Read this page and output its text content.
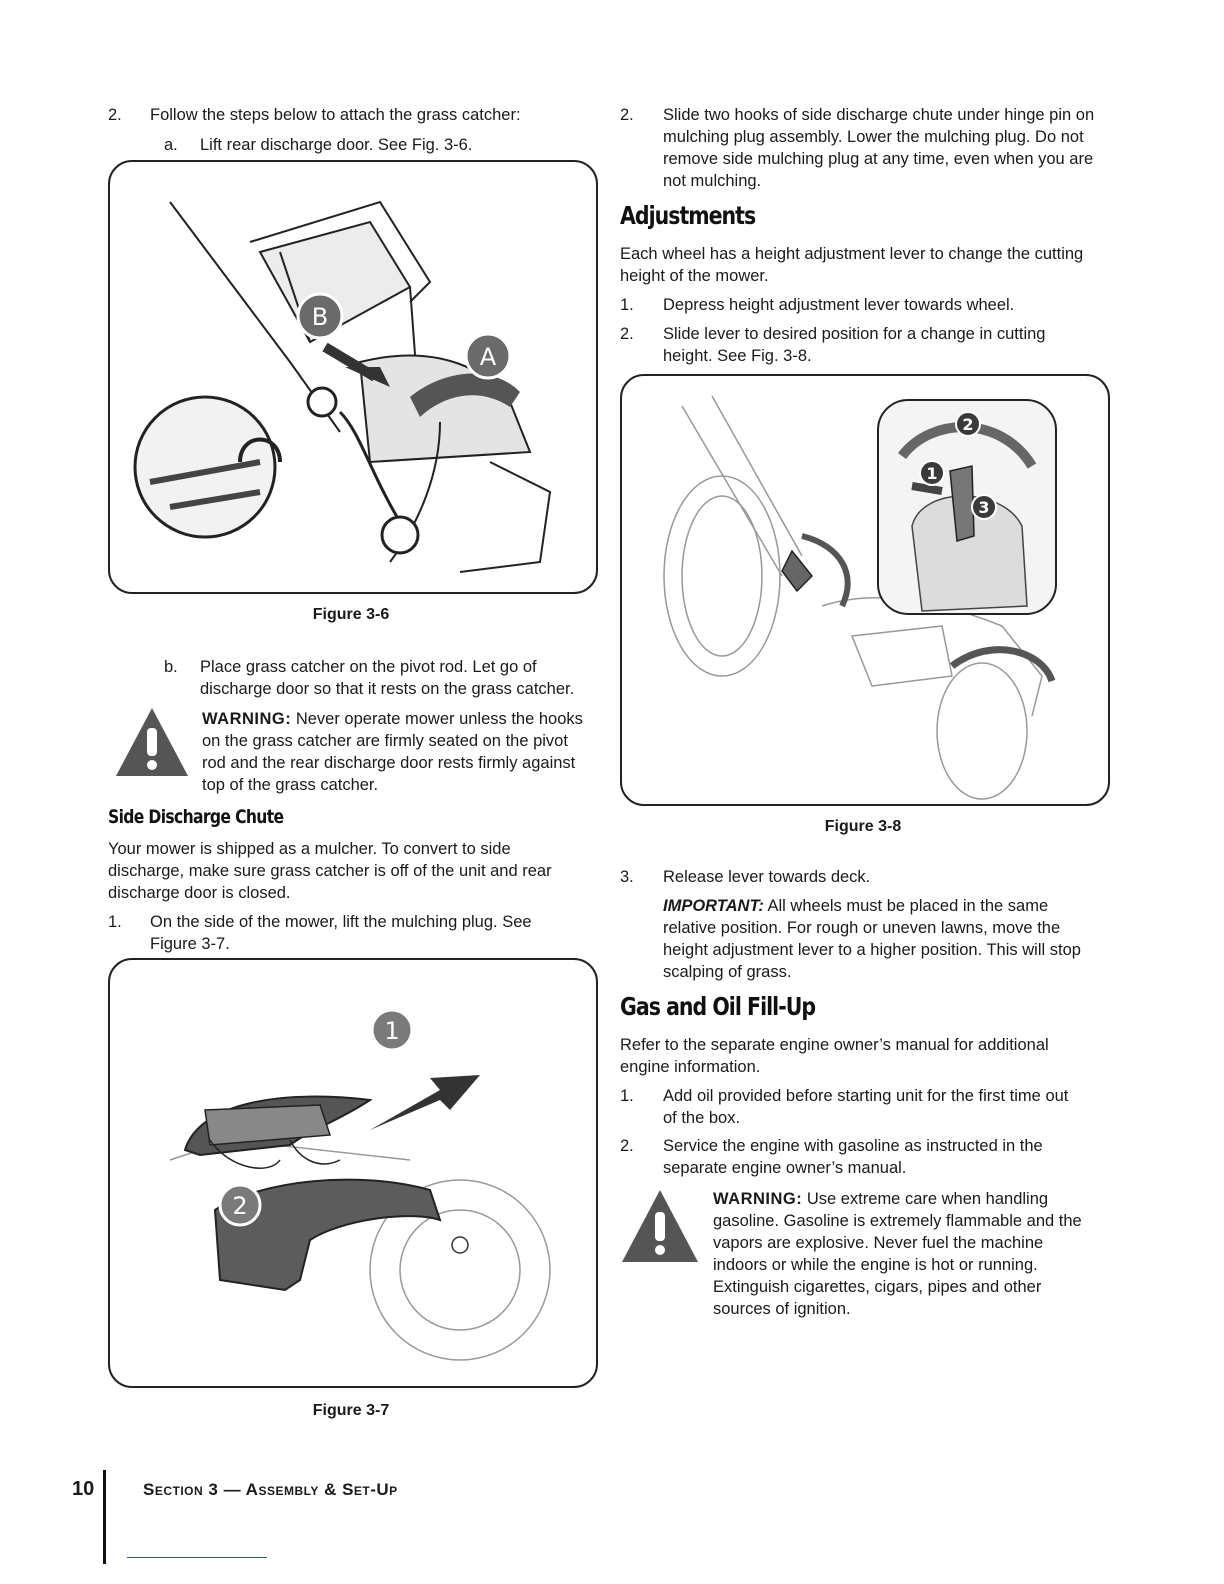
2. Follow the steps below to attach the grass catcher:

a. Lift rear discharge door. See Fig. 3-6.

B
A
Figure 3-6
b. Place grass catcher on the pivot rod. Let go of

discharge door so that it rests on the grass catcher.

WARNING: Never operate mower unless the hooks

on the grass catcher are firmly seated on the pivot

rod and the rear discharge door rests firmly against

top of the grass catcher.

Side Discharge Chute

Your mower is shipped as a mulcher. To convert to side

discharge, make sure grass catcher is off of the unit and rear

discharge door is closed.

1. On the side of the mower, lift the mulching plug. See

Figure 3-7.

1
2
Figure 3-7
2. Slide two hooks of side discharge chute under hinge pin on

mulching plug assembly. Lower the mulching plug. Do not

remove side mulching plug at any time, even when you are

not mulching.

Adjustments

Each wheel has a height adjustment lever to change the cutting

height of the mower.

1. Depress height adjustment lever towards wheel.

2. Slide lever to desired position for a change in cutting

height. See Fig. 3-8.

2
1
3
Figure 3-8
3. Release lever towards deck.

IMPORTANT: All wheels must be placed in the same

relative position. For rough or uneven lawns, move the

height adjustment lever to a higher position. This will stop

scalping of grass.

Gas and Oil Fill-Up

Refer to the separate engine owner’s manual for additional

engine information.

1. Add oil provided before starting unit for the first time out

of the box.

2. Service the engine with gasoline as instructed in the

separate engine owner’s manual.

WARNING: Use extreme care when handling

gasoline. Gasoline is extremely flammable and the

vapors are explosive. Never fuel the machine

indoors or while the engine is hot or running.

Extinguish cigarettes, cigars, pipes and other

sources of ignition.

10	Section 3 — Assembly & Set-Up
